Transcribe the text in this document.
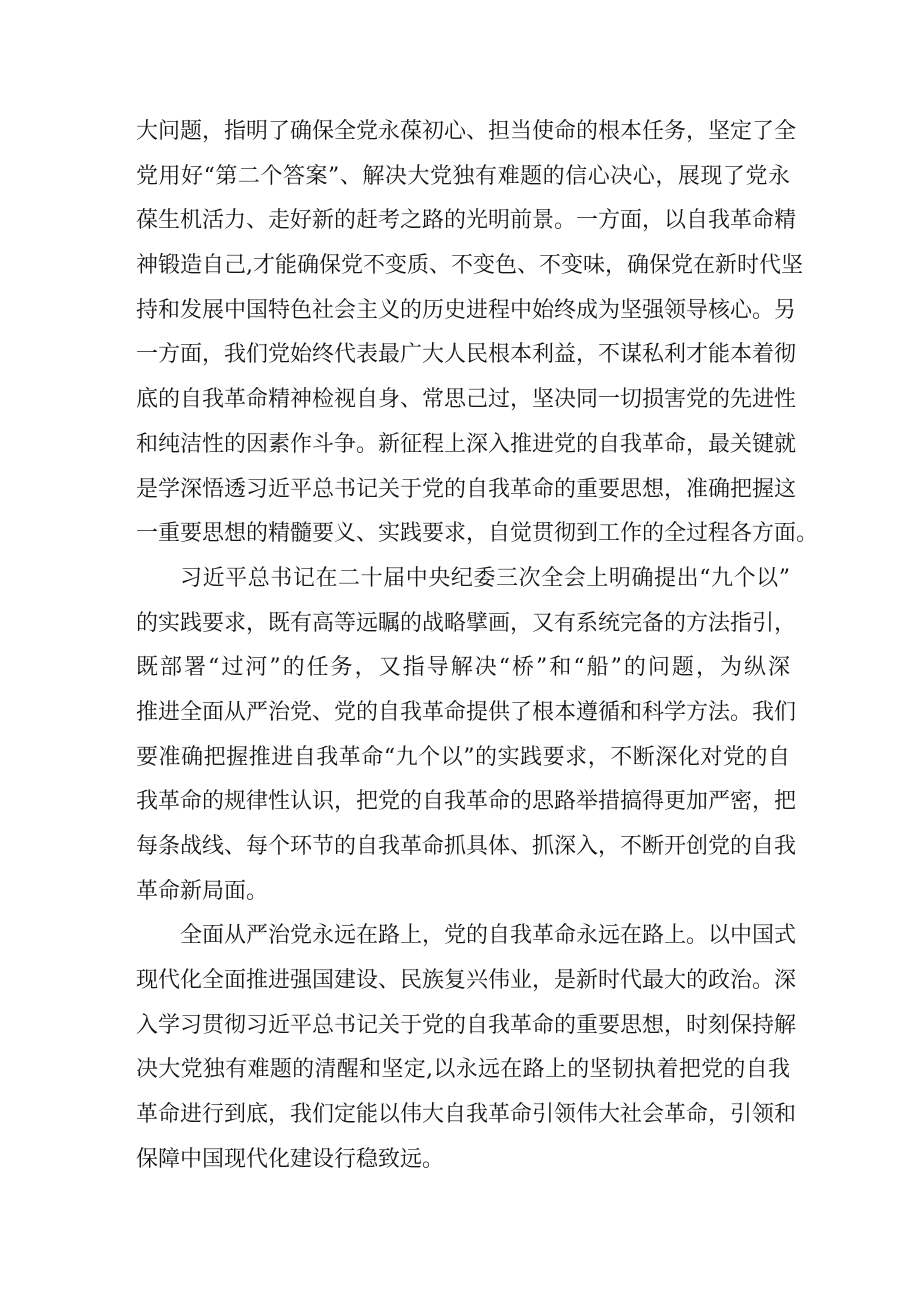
大问题，指明了确保全党永葆初心、担当使命的根本任务，坚定了全
党用好“第二个答案”、解决大党独有难题的信心决心，展现了党永
葆生机活力、走好新的赶考之路的光明前景。一方面，以自我革命精
神锻造自己,才能确保党不变质、不变色、不变味，确保党在新时代坚
持和发展中国特色社会主义的历史进程中始终成为坚强领导核心。另
一方面，我们党始终代表最广大人民根本利益，不谋私利才能本着彻
底的自我革命精神检视自身、常思己过，坚决同一切损害党的先进性
和纯洁性的因素作斗争。新征程上深入推进党的自我革命，最关键就
是学深悟透习近平总书记关于党的自我革命的重要思想，准确把握这
一重要思想的精髓要义、实践要求，自觉贯彻到工作的全过程各方面。
习近平总书记在二十届中央纪委三次全会上明确提出“九个以”
的实践要求，既有高等远瞩的战略擘画，又有系统完备的方法指引，
既部署“过河”的任务，又指导解决“桥”和“船”的问题，为纵深
推进全面从严治党、党的自我革命提供了根本遵循和科学方法。我们
要准确把握推进自我革命“九个以”的实践要求，不断深化对党的自
我革命的规律性认识，把党的自我革命的思路举措搞得更加严密，把
每条战线、每个环节的自我革命抓具体、抓深入，不断开创党的自我
革命新局面。
全面从严治党永远在路上，党的自我革命永远在路上。以中国式
现代化全面推进强国建设、民族复兴伟业，是新时代最大的政治。深
入学习贯彻习近平总书记关于党的自我革命的重要思想，时刻保持解
决大党独有难题的清醒和坚定,以永远在路上的坚韧执着把党的自我
革命进行到底，我们定能以伟大自我革命引领伟大社会革命，引领和
保障中国现代化建设行稳致远。
